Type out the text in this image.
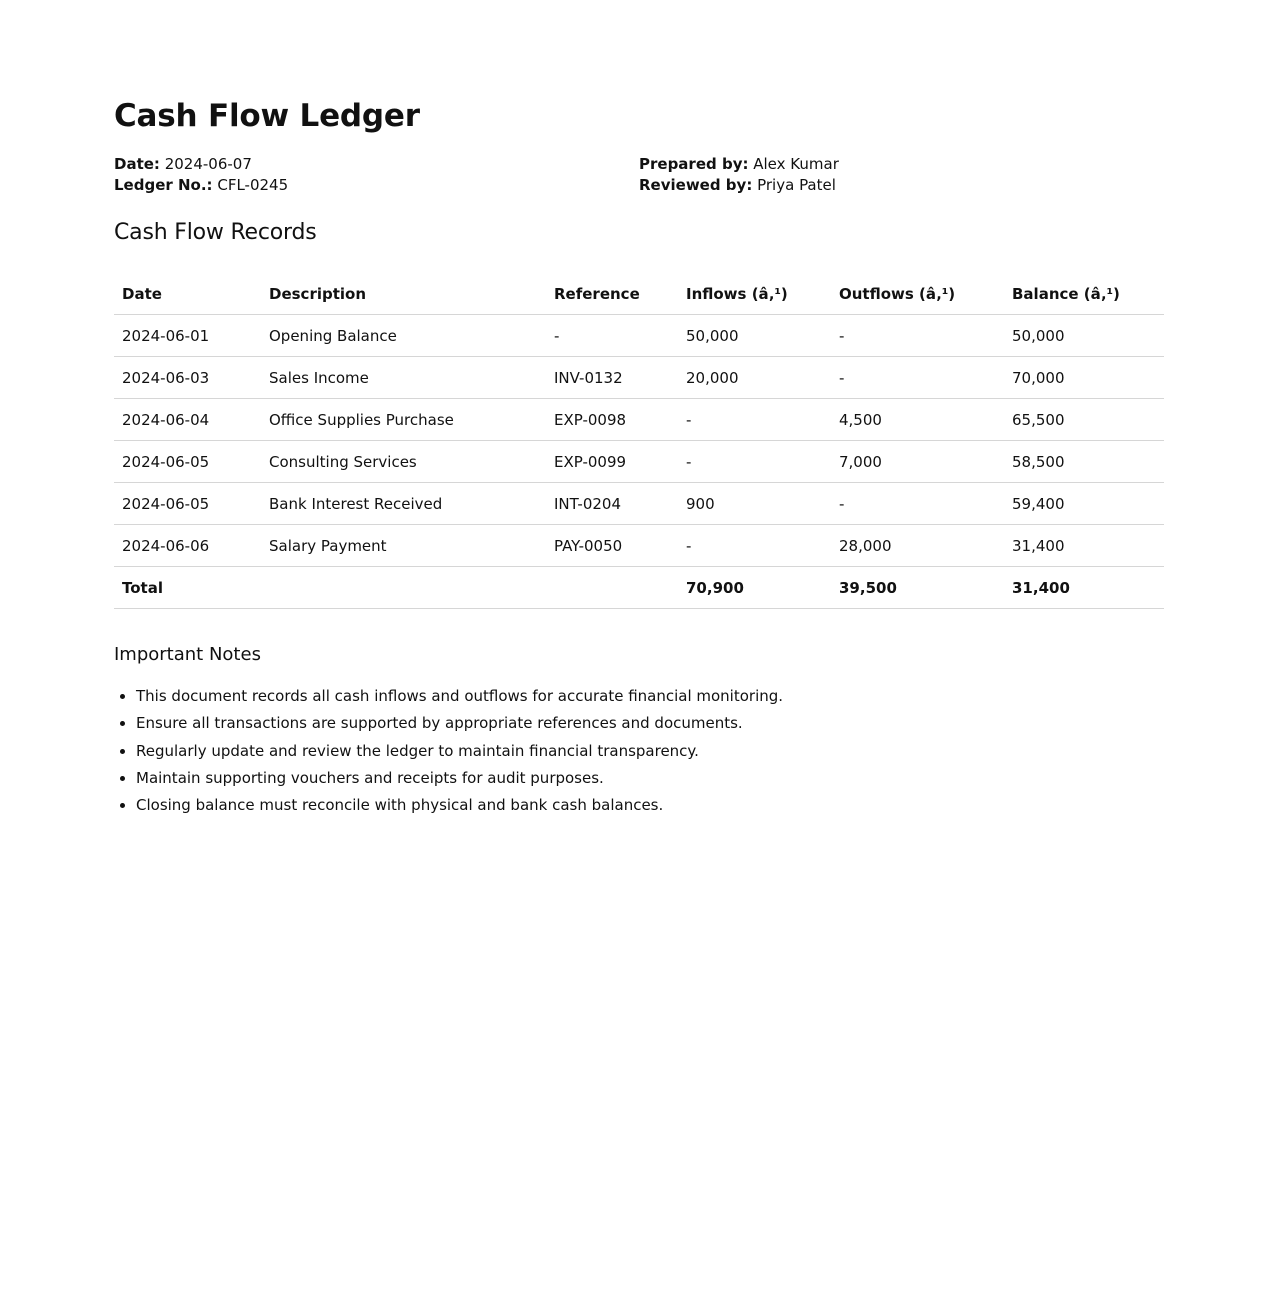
Cash Flow Ledger
Date: 2024-06-07
Ledger No.: CFL-0245
Prepared by: Alex Kumar
Reviewed by: Priya Patel
Cash Flow Records
Date	Description	Reference	Inflows (â‚¹)	Outflows (â‚¹)	Balance (â‚¹)
2024-06-01	Opening Balance	-	50,000	-	50,000
2024-06-03	Sales Income	INV-0132	20,000	-	70,000
2024-06-04	Office Supplies Purchase	EXP-0098	-	4,500	65,500
2024-06-05	Consulting Services	EXP-0099	-	7,000	58,500
2024-06-05	Bank Interest Received	INT-0204	900	-	59,400
2024-06-06	Salary Payment	PAY-0050	-	28,000	31,400
Total			70,900	39,500	31,400
Important Notes
• This document records all cash inflows and outflows for accurate financial monitoring.
• Ensure all transactions are supported by appropriate references and documents.
• Regularly update and review the ledger to maintain financial transparency.
• Maintain supporting vouchers and receipts for audit purposes.
• Closing balance must reconcile with physical and bank cash balances.
